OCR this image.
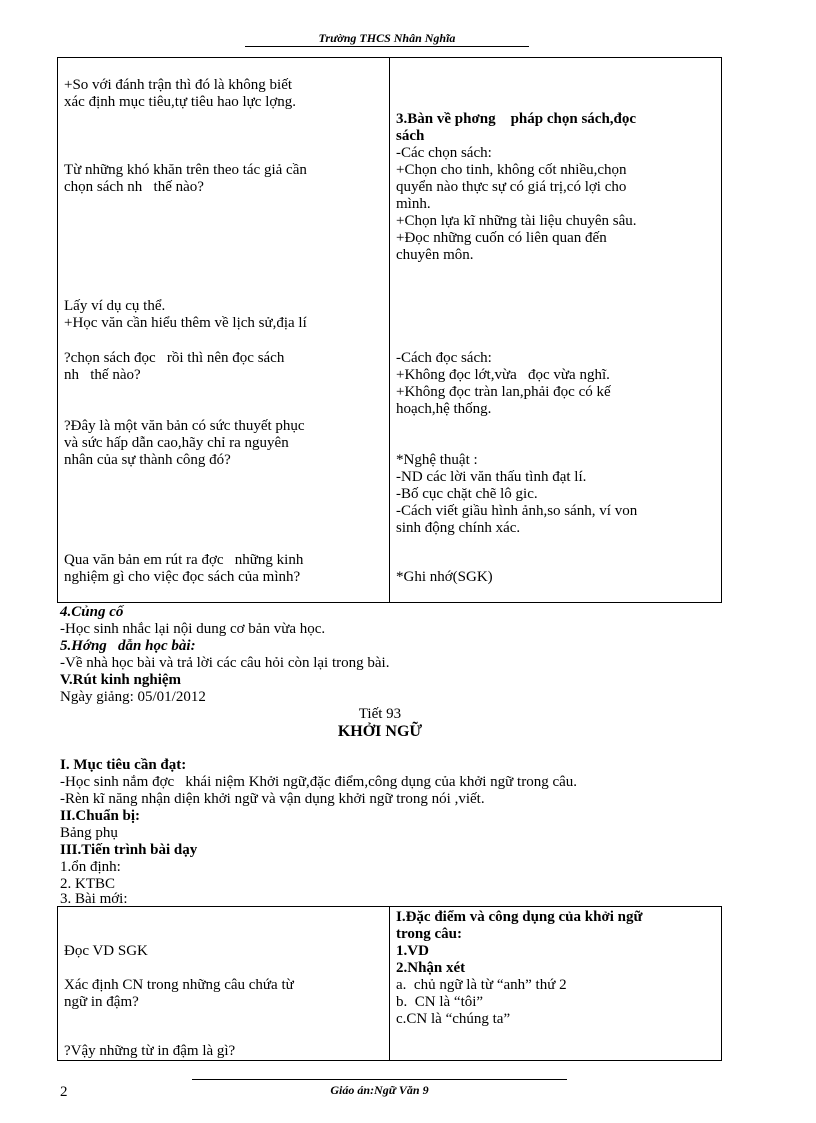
Trường THCS Nhân Nghĩa
+So với đánh trận thì đó là không biết
xác định mục tiêu,tự tiêu hao lực lợng.
Từ những khó khăn trên theo tác giả cần
chọn sách nh   thế nào?
Lấy ví dụ cụ thể.
+Học văn cần hiểu thêm về lịch sử,địa lí
?chọn sách đọc   rồi thì nên đọc sách
nh   thế nào?
?Đây là một văn bản có sức thuyết phục
và sức hấp dẫn cao,hãy chỉ ra nguyên
nhân của sự thành công đó?
Qua văn bản em rút ra đợc   những kinh
nghiệm gì cho việc đọc sách của mình?
3.Bàn về phơng    pháp chọn sách,đọc
sách
-Các chọn sách:
+Chọn cho tinh, không cốt nhiều,chọn
quyển nào thực sự có giá trị,có lợi cho
mình.
+Chọn lựa kĩ những tài liệu chuyên sâu.
+Đọc những cuốn có liên quan đến
chuyên môn.
-Cách đọc sách:
+Không đọc lớt,vừa   đọc vừa nghĩ.
+Không đọc tràn lan,phải đọc có kế
hoạch,hệ thống.
*Nghệ thuật :
-ND các lời văn thấu tình đạt lí.
-Bố cục chặt chẽ lô gic.
-Cách viết giầu hình ảnh,so sánh, ví von
sinh động chính xác.
*Ghi nhớ(SGK)
4.Củng cố
-Học sinh nhắc lại nội dung cơ bản vừa học.
5.Hớng   dẫn học bài:
-Về nhà học bài và trả lời các câu hỏi còn lại trong bài.
V.Rút kinh nghiệm
Ngày giảng: 05/01/2012
Tiết 93
KHỞI NGỮ
I. Mục tiêu cần đạt:
-Học sinh nắm đợc   khái niệm Khởi ngữ,đặc điểm,công dụng của khởi ngữ trong câu.
-Rèn kĩ năng nhận diện khởi ngữ và vận dụng khởi ngữ trong nói ,viết.
II.Chuẩn bị:
Bảng phụ
III.Tiến trình bài dạy
1.ổn định:
2. KTBC
3. Bài mới:
Đọc VD SGK
Xác định CN trong những câu chứa từ
ngữ in đậm?
?Vậy những từ in đậm là gì?
I.Đặc điểm và công dụng của khởi ngữ
trong câu:
1.VD
2.Nhận xét
a.  chủ ngữ là từ “anh” thứ 2
b.  CN là “tôi”
c.CN là “chúng ta”
2	Giáo án:Ngữ Văn 9
